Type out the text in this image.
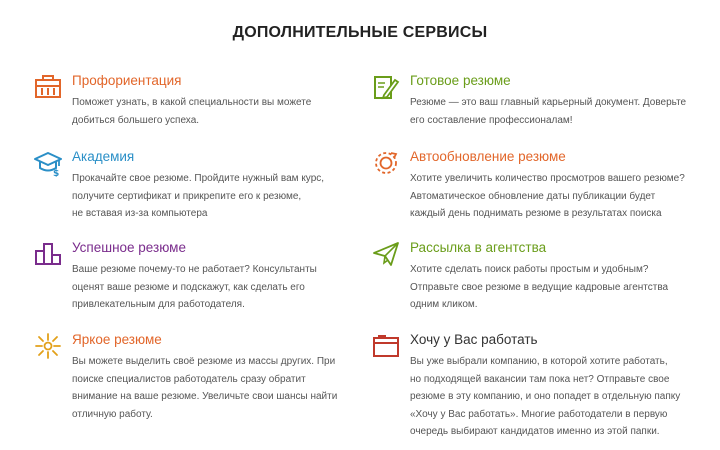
ДОПОЛНИТЕЛЬНЫЕ СЕРВИСЫ
Профориентация
Поможет узнать, в какой специальности вы можете
добиться большего успеха.
Готовое резюме
Резюме — это ваш главный карьерный документ. Доверьте
его составление профессионалам!
$
Академия
Прокачайте свое резюме. Пройдите нужный вам курс,
получите сертификат и прикрепите его к резюме,
не вставая из-за компьютера
Автообновление резюме
Хотите увеличить количество просмотров вашего резюме?
Автоматическое обновление даты публикации будет
каждый день поднимать резюме в результатах поиска
Успешное резюме
Ваше резюме почему-то не работает? Консультанты
оценят ваше резюме и подскажут, как сделать его
привлекательным для работодателя.
Рассылка в агентства
Хотите сделать поиск работы простым и удобным?
Отправьте свое резюме в ведущие кадровые агентства
одним кликом.
Яркое резюме
Вы можете выделить своё резюме из массы других. При
поиске специалистов работодатель сразу обратит
внимание на ваше резюме. Увеличьте свои шансы найти
отличную работу.
Хочу у Вас работать
Вы уже выбрали компанию, в которой хотите работать,
но подходящей вакансии там пока нет? Отправьте свое
резюме в эту компанию, и оно попадет в отдельную папку
«Хочу у Вас работать». Многие работодатели в первую
очередь выбирают кандидатов именно из этой папки.
